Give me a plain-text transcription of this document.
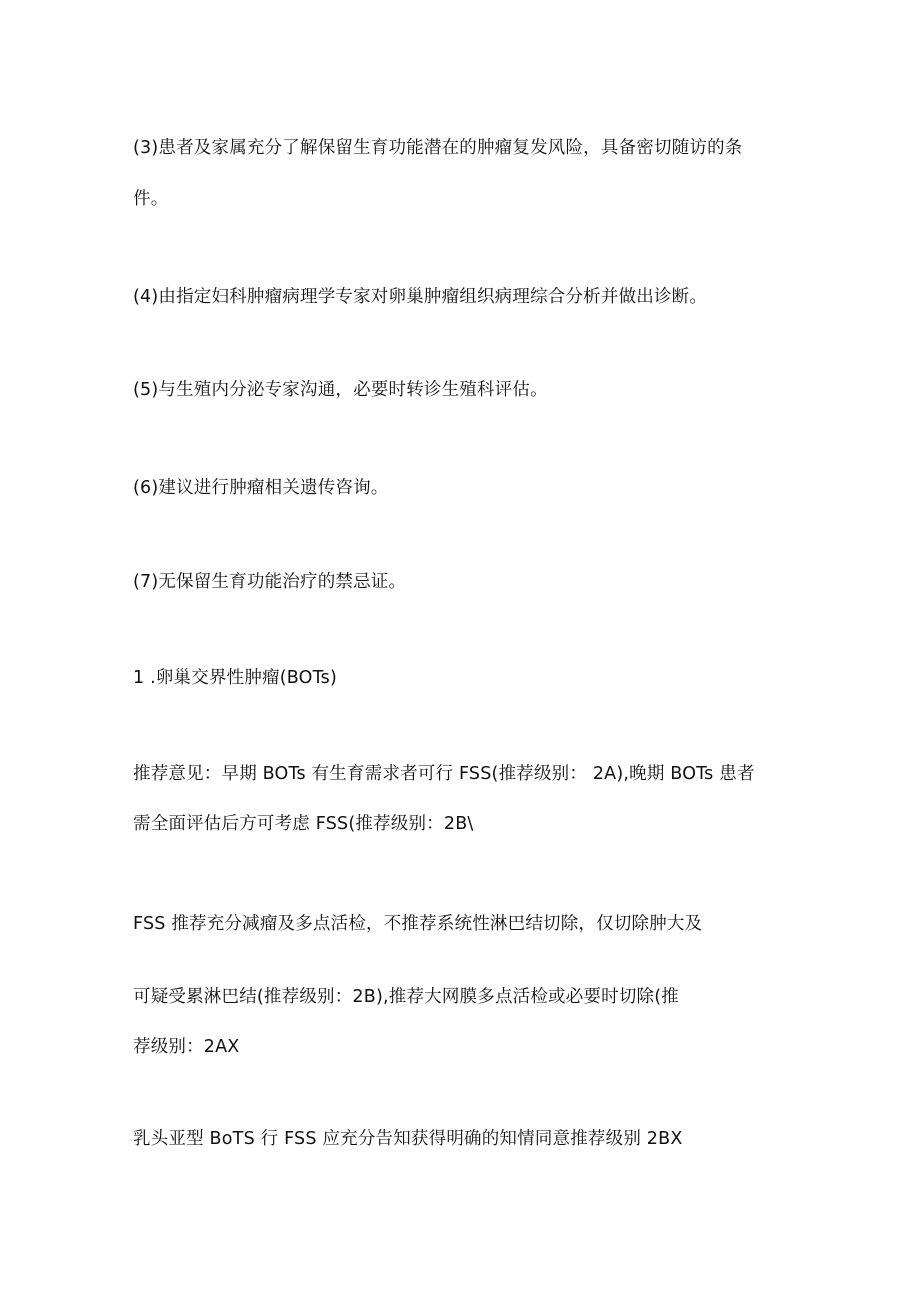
(3)患者及家属充分了解保留生育功能潜在的肿瘤复发风险，具备密切随访的条
件。
(4)由指定妇科肿瘤病理学专家对卵巢肿瘤组织病理综合分析并做出诊断。
(5)与生殖内分泌专家沟通，必要时转诊生殖科评估。
(6)建议进行肿瘤相关遗传咨询。
(7)无保留生育功能治疗的禁忌证。
1 .卵巢交界性肿瘤(BOTs)
推荐意见：早期 BOTs 有生育需求者可行 FSS(推荐级别： 2A),晚期 BOTs 患者
需全面评估后方可考虑 FSS(推荐级别：2B\
FSS 推荐充分减瘤及多点活检，不推荐系统性淋巴结切除，仅切除肿大及
可疑受累淋巴结(推荐级别：2B),推荐大网膜多点活检或必要时切除(推
荐级别：2AX
乳头亚型 BoTS 行 FSS 应充分告知获得明确的知情同意推荐级别 2BX
